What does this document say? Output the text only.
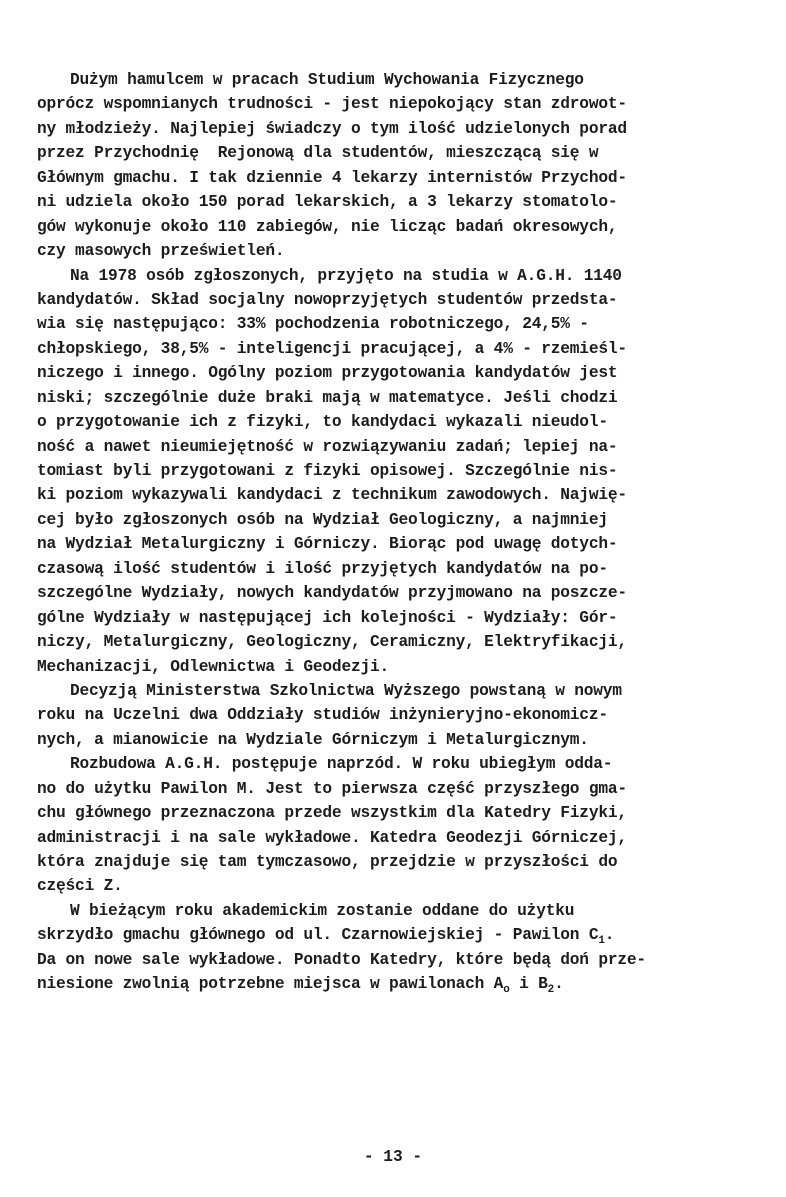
Dużym hamulcem w pracach Studium Wychowania Fizycznego
oprócz wspomnianych trudności - jest niepokojący stan zdrowot-
ny młodzieży. Najlepiej świadczy o tym ilość udzielonych porad
przez Przychodnię  Rejonową dla studentów, mieszczącą się w
Głównym gmachu. I tak dziennie 4 lekarzy internistów Przychod-
ni udziela około 150 porad lekarskich, a 3 lekarzy stomatolo-
gów wykonuje około 110 zabiegów, nie licząc badań okresowych,
czy masowych prześwietleń.
Na 1978 osób zgłoszonych, przyjęto na studia w A.G.H. 1140
kandydatów. Skład socjalny nowoprzyjętych studentów przedsta-
wia się następująco: 33% pochodzenia robotniczego, 24,5% -
chłopskiego, 38,5% - inteligencji pracującej, a 4% - rzemieśl-
niczego i innego. Ogólny poziom przygotowania kandydatów jest
niski; szczególnie duże braki mają w matematyce. Jeśli chodzi
o przygotowanie ich z fizyki, to kandydaci wykazali nieudol-
ność a nawet nieumiejętność w rozwiązywaniu zadań; lepiej na-
tomiast byli przygotowani z fizyki opisowej. Szczególnie nis-
ki poziom wykazywali kandydaci z technikum zawodowych. Najwię-
cej było zgłoszonych osób na Wydział Geologiczny, a najmniej
na Wydział Metalurgiczny i Górniczy. Biorąc pod uwagę dotych-
czasową ilość studentów i ilość przyjętych kandydatów na po-
szczególne Wydziały, nowych kandydatów przyjmowano na poszcze-
gólne Wydziały w następującej ich kolejności - Wydziały: Gór-
niczy, Metalurgiczny, Geologiczny, Ceramiczny, Elektryfikacji,
Mechanizacji, Odlewnictwa i Geodezji.
Decyzją Ministerstwa Szkolnictwa Wyższego powstaną w nowym
roku na Uczelni dwa Oddziały studiów inżynieryjno-ekonomicz-
nych, a mianowicie na Wydziale Górniczym i Metalurgicznym.
Rozbudowa A.G.H. postępuje naprzód. W roku ubiegłym odda-
no do użytku Pawilon M. Jest to pierwsza część przyszłego gma-
chu głównego przeznaczona przede wszystkim dla Katedry Fizyki,
administracji i na sale wykładowe. Katedra Geodezji Górniczej,
która znajduje się tam tymczasowo, przejdzie w przyszłości do
części Z.
W bieżącym roku akademickim zostanie oddane do użytku
skrzydło gmachu głównego od ul. Czarnowiejskiej - Pawilon $C_1$.
Da on nowe sale wykładowe. Ponadto Katedry, które będą doń prze-
niesione zwolnią potrzebne miejsca w pawilonach $A_o$ i $B_2$.
- 13 -
